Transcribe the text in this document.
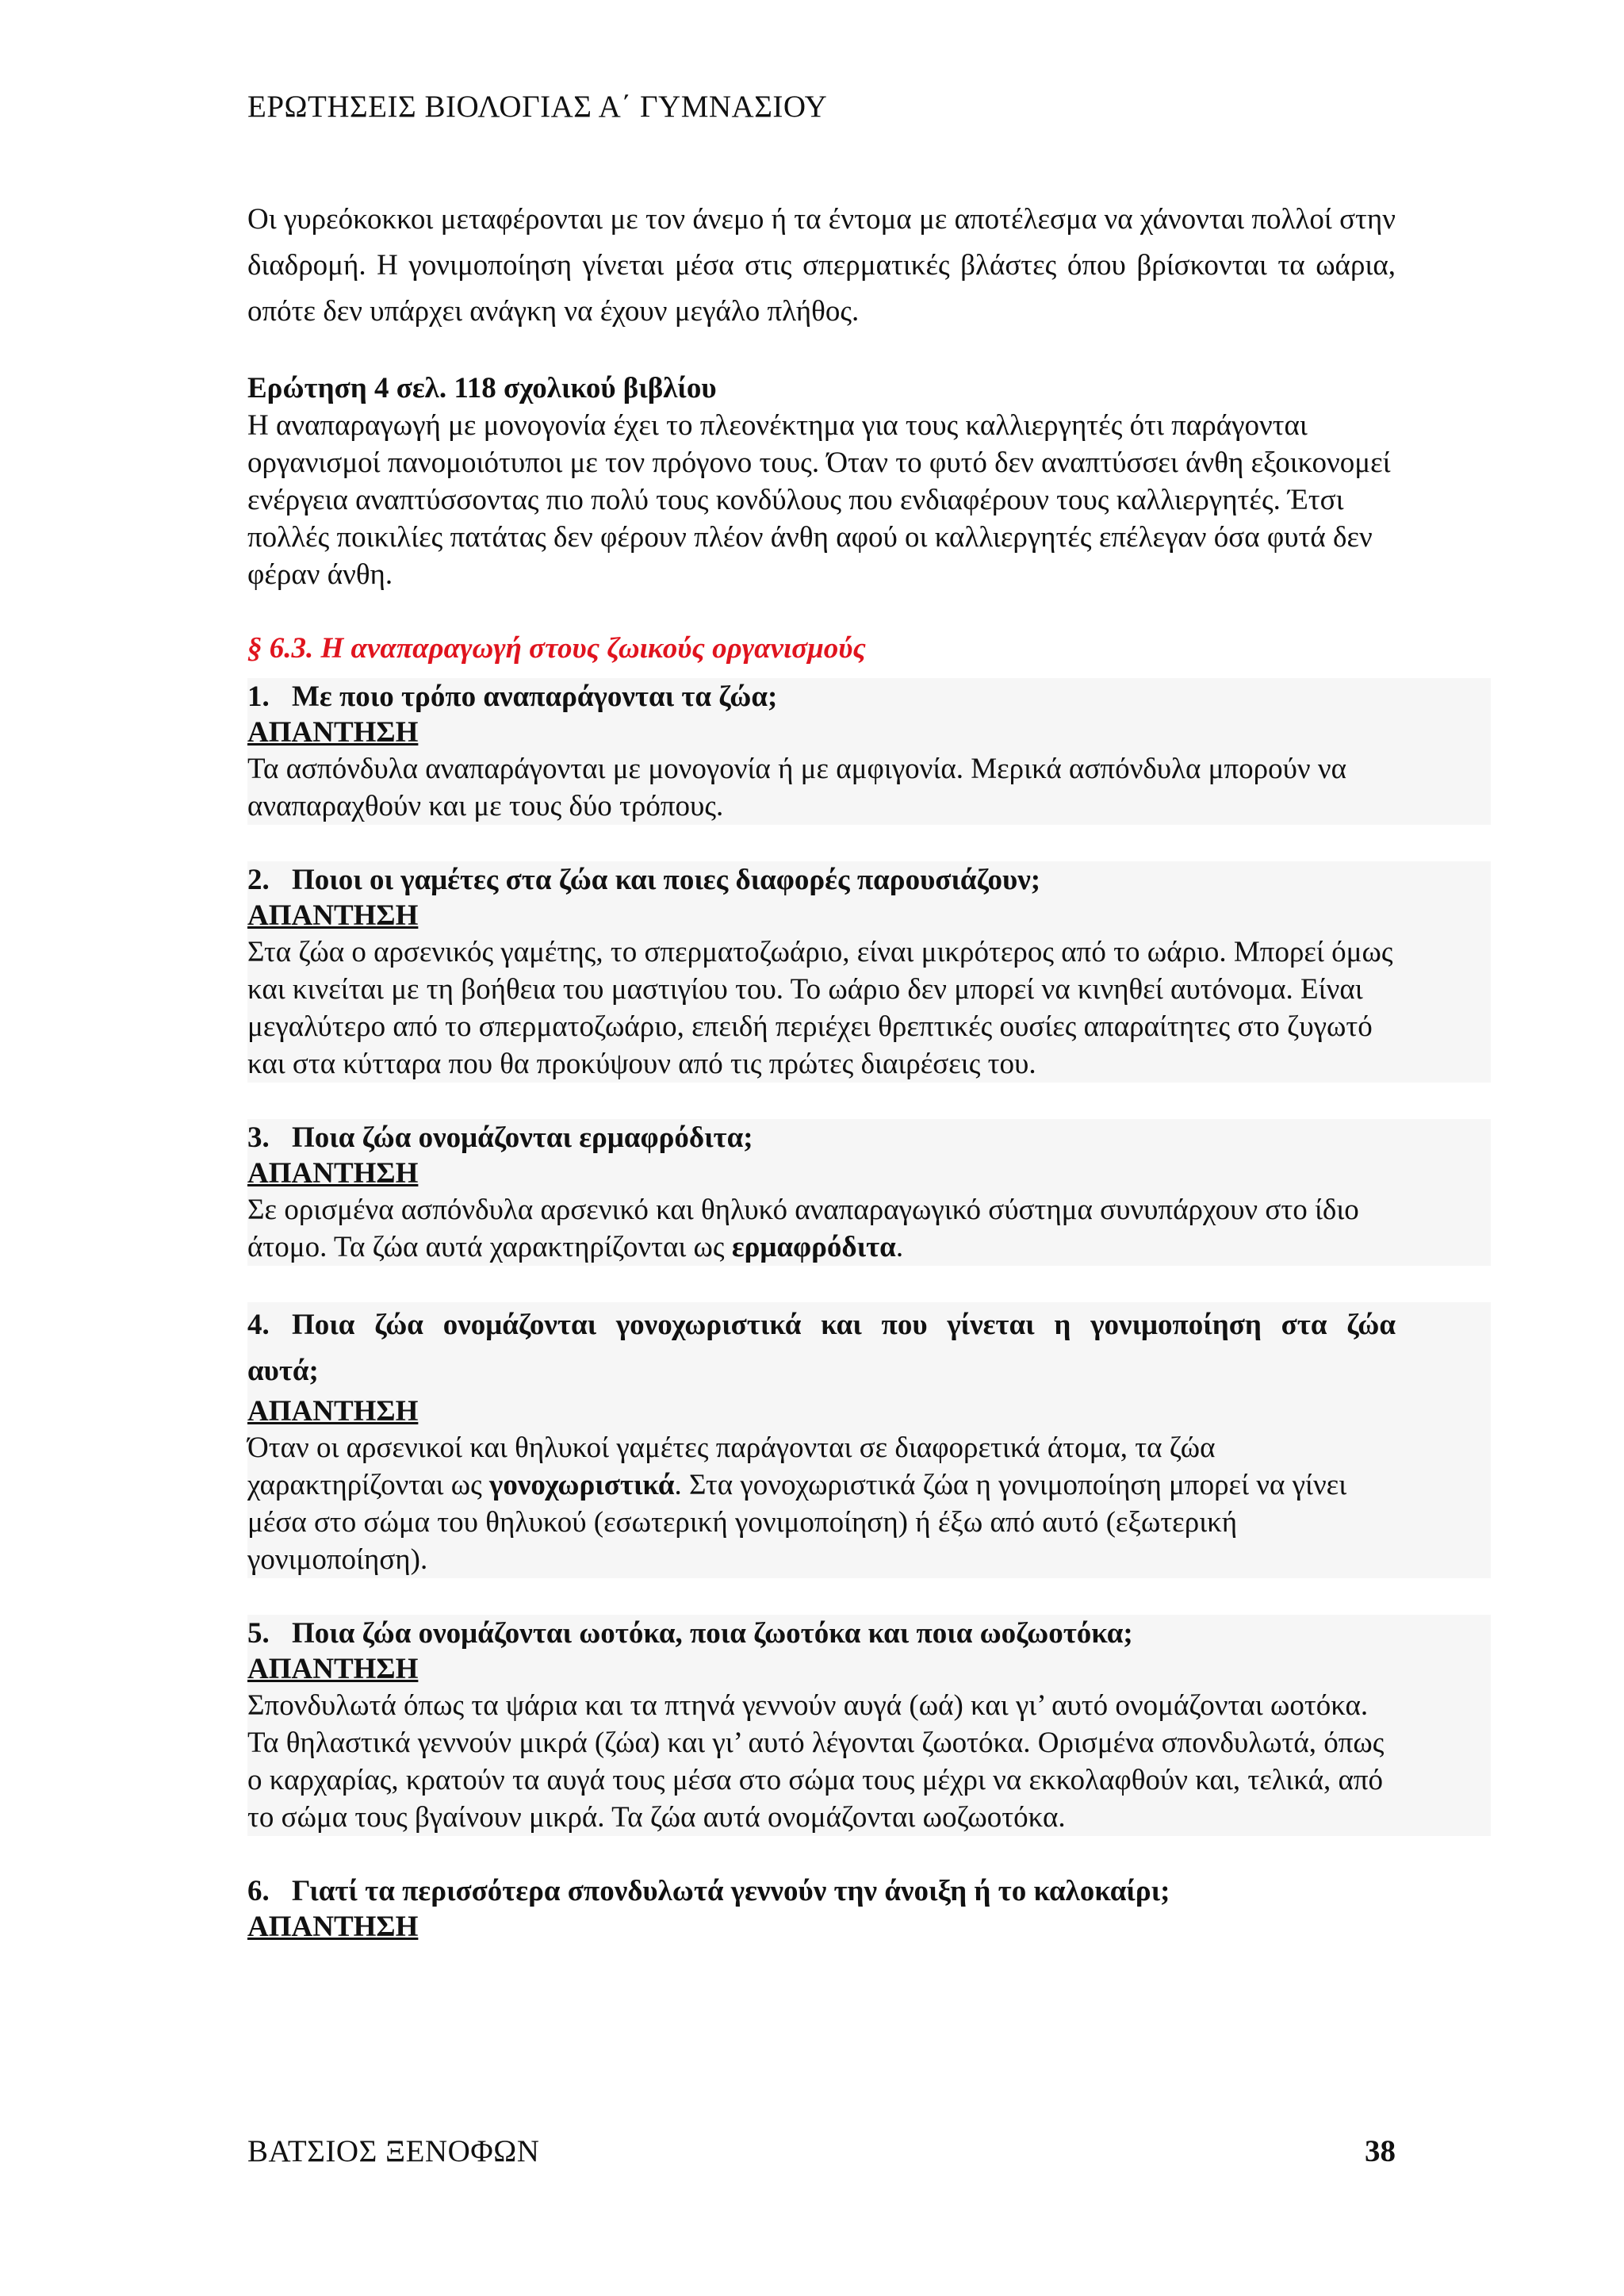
ΕΡΩΤΗΣΕΙΣ ΒΙΟΛΟΓΙΑΣ Α΄ ΓΥΜΝΑΣΙΟΥ

Οι γυρεόκοκκοι μεταφέρονται με τον άνεμο ή τα έντομα με αποτέλεσμα να χάνονται πολλοί στην διαδρομή. Η γονιμοποίηση γίνεται μέσα στις σπερματικές βλάστες όπου βρίσκονται τα ωάρια, οπότε δεν υπάρχει ανάγκη να έχουν μεγάλο πλήθος.

Ερώτηση 4 σελ. 118 σχολικού βιβλίου

Η αναπαραγωγή με μονογονία έχει το πλεονέκτημα για τους καλλιεργητές ότι παράγονται οργανισμοί πανομοιότυποι με τον πρόγονο τους. Όταν το φυτό δεν αναπτύσσει άνθη εξοικονομεί ενέργεια αναπτύσσοντας πιο πολύ τους κονδύλους που ενδιαφέρουν τους καλλιεργητές. Έτσι πολλές ποικιλίες πατάτας δεν φέρουν πλέον άνθη αφού οι καλλιεργητές επέλεγαν όσα φυτά δεν φέραν άνθη.

§ 6.3. Η αναπαραγωγή στους ζωικούς οργανισμούς

1. Με ποιο τρόπο αναπαράγονται τα ζώα;

ΑΠΑΝΤΗΣΗ

Τα ασπόνδυλα αναπαράγονται με μονογονία ή με αμφιγονία. Μερικά ασπόνδυλα μπορούν να αναπαραχθούν και με τους δύο τρόπους.

2. Ποιοι οι γαμέτες στα ζώα και ποιες διαφορές παρουσιάζουν;

ΑΠΑΝΤΗΣΗ

Στα ζώα ο αρσενικός γαμέτης, το σπερματοζωάριο, είναι μικρότερος από το ωάριο. Μπορεί όμως και κινείται με τη βοήθεια του μαστιγίου του. Το ωάριο δεν μπορεί να κινηθεί αυτόνομα. Είναι μεγαλύτερο από το σπερματοζωάριο, επειδή περιέχει θρεπτικές ουσίες απαραίτητες στο ζυγωτό και στα κύτταρα που θα προκύψουν από τις πρώτες διαιρέσεις του.

3. Ποια ζώα ονομάζονται ερμαφρόδιτα;

ΑΠΑΝΤΗΣΗ

Σε ορισμένα ασπόνδυλα αρσενικό και θηλυκό αναπαραγωγικό σύστημα συνυπάρχουν στο ίδιο άτομο. Τα ζώα αυτά χαρακτηρίζονται ως ερμαφρόδιτα.

4. Ποια ζώα ονομάζονται γονοχωριστικά και που γίνεται η γονιμοποίηση στα ζώα αυτά;

ΑΠΑΝΤΗΣΗ

Όταν οι αρσενικοί και θηλυκοί γαμέτες παράγονται σε διαφορετικά άτομα, τα ζώα χαρακτηρίζονται ως γονοχωριστικά. Στα γονοχωριστικά ζώα η γονιμοποίηση μπορεί να γίνει μέσα στο σώμα του θηλυκού (εσωτερική γονιμοποίηση) ή έξω από αυτό (εξωτερική γονιμοποίηση).

5. Ποια ζώα ονομάζονται ωοτόκα, ποια ζωοτόκα και ποια ωοζωοτόκα;

ΑΠΑΝΤΗΣΗ

Σπονδυλωτά όπως τα ψάρια και τα πτηνά γεννούν αυγά (ωά) και γι’ αυτό ονομάζονται ωοτόκα. Τα θηλαστικά γεννούν μικρά (ζώα) και γι’ αυτό λέγονται ζωοτόκα. Ορισμένα σπονδυλωτά, όπως ο καρχαρίας, κρατούν τα αυγά τους μέσα στο σώμα τους μέχρι να εκκολαφθούν και, τελικά, από το σώμα τους βγαίνουν μικρά. Τα ζώα αυτά ονομάζονται ωοζωοτόκα.

6. Γιατί τα περισσότερα σπονδυλωτά γεννούν την άνοιξη ή το καλοκαίρι;

ΑΠΑΝΤΗΣΗ

ΒΑΤΣΙΟΣ ΞΕΝΟΦΩΝ	38
